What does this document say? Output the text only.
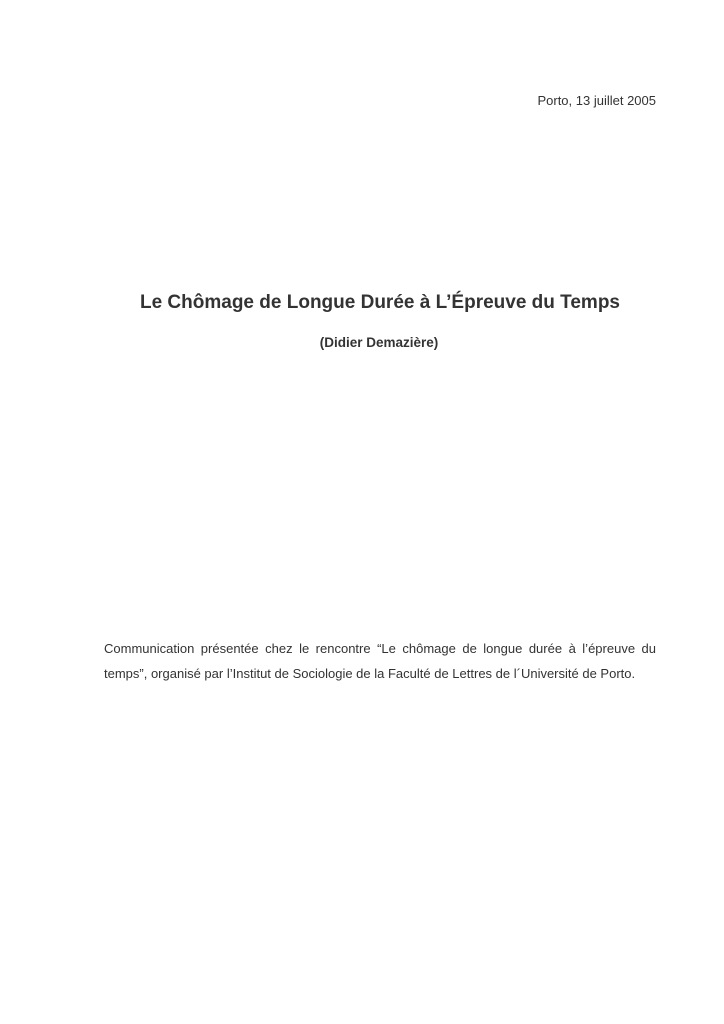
Porto, 13 juillet 2005
Le Chômage de Longue Durée à L’Épreuve du Temps
(Didier Demazière)

Communication présentée chez le rencontre “Le chômage de longue durée à l’épreuve du temps”, organisé par l’Institut de Sociologie de la Faculté de Lettres de l´Université de Porto.
